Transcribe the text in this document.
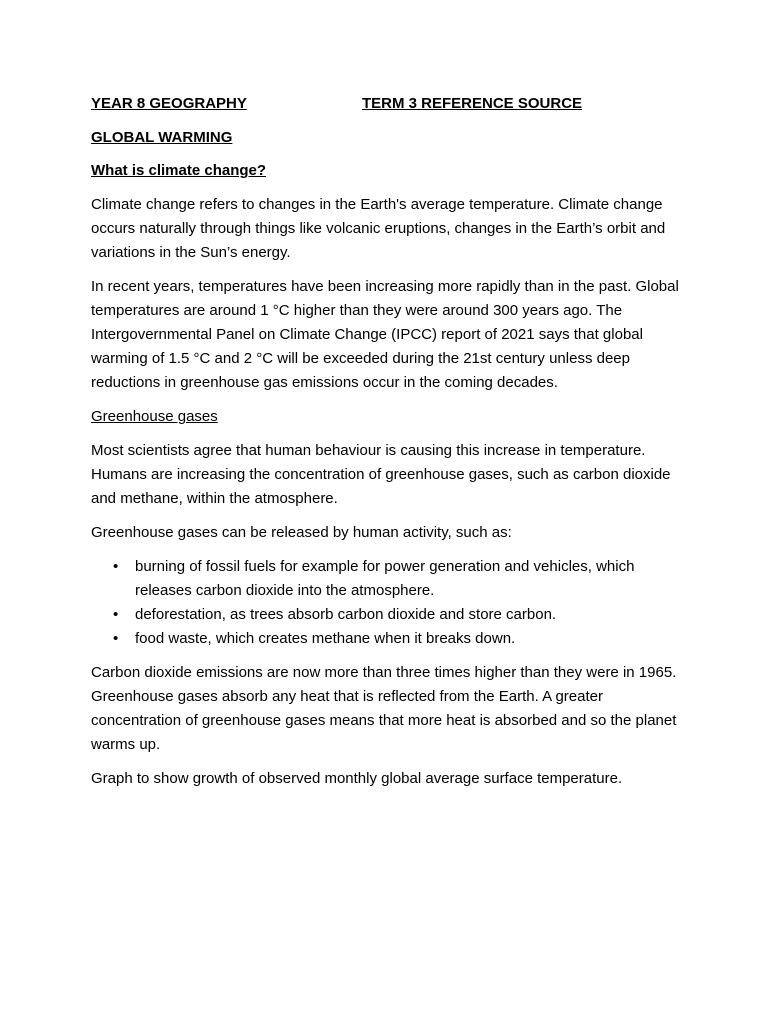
YEAR 8 GEOGRAPHY	TERM 3 REFERENCE SOURCE
GLOBAL WARMING
What is climate change?

Climate change refers to changes in the Earth's average temperature. Climate change occurs naturally through things like volcanic eruptions, changes in the Earth’s orbit and variations in the Sun’s energy.

In recent years, temperatures have been increasing more rapidly than in the past. Global temperatures are around 1 °C higher than they were around 300 years ago. The Intergovernmental Panel on Climate Change (IPCC) report of 2021 says that global warming of 1.5 °C and 2 °C will be exceeded during the 21st century unless deep reductions in greenhouse gas emissions occur in the coming decades.

Greenhouse gases

Most scientists agree that human behaviour is causing this increase in temperature. Humans are increasing the concentration of greenhouse gases, such as carbon dioxide and methane, within the atmosphere.

Greenhouse gases can be released by human activity, such as:

• burning of fossil fuels for example for power generation and vehicles, which releases carbon dioxide into the atmosphere.
• deforestation, as trees absorb carbon dioxide and store carbon.
• food waste, which creates methane when it breaks down.

Carbon dioxide emissions are now more than three times higher than they were in 1965. Greenhouse gases absorb any heat that is reflected from the Earth. A greater concentration of greenhouse gases means that more heat is absorbed and so the planet warms up.

Graph to show growth of observed monthly global average surface temperature.
